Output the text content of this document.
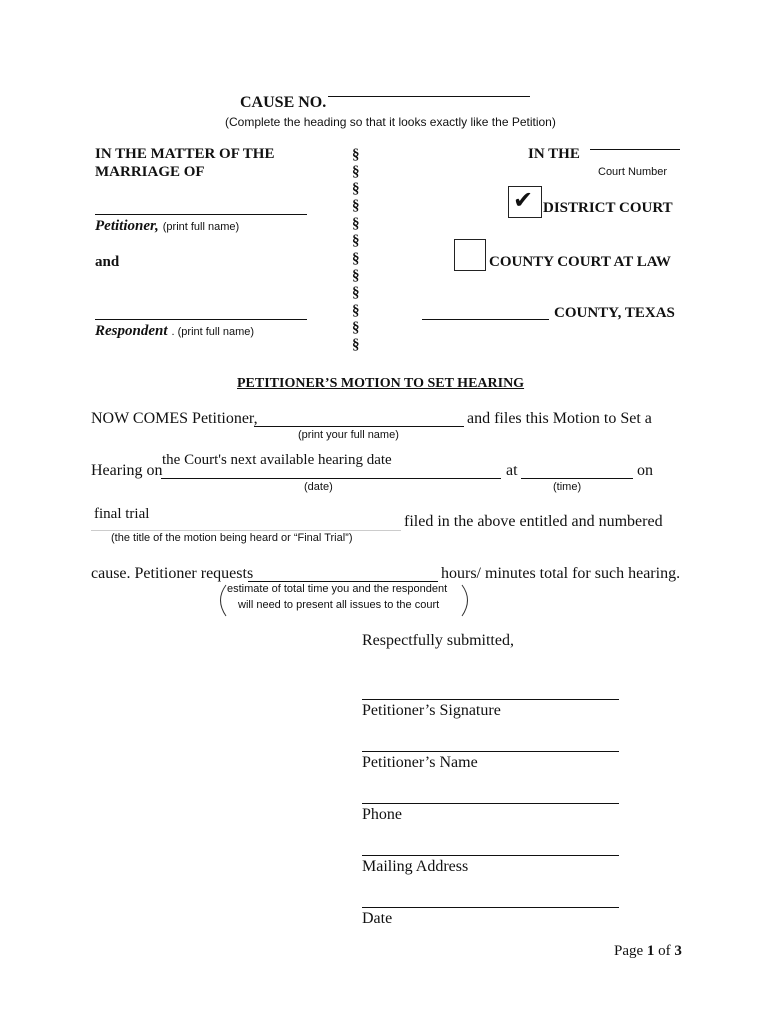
CAUSE NO.
(Complete the heading so that it looks exactly like the Petition)
IN THE MATTER OF THE
MARRIAGE OF
Petitioner, (print full name)
and
Respondent . (print full name)
§
§
§
§
§
§
§
§
§
§
§
§
IN THE
Court Number
✔ DISTRICT COURT
COUNTY COURT AT LAW
COUNTY, TEXAS
PETITIONER’S MOTION TO SET HEARING
NOW COMES Petitioner,	and files this Motion to Set a
(print your full name)
Hearing on
the Court's next available hearing date
at	on
(date)	(time)
final trial	filed in the above entitled and numbered
(the title of the motion being heard or “Final Trial”)
cause. Petitioner requests	hours/ minutes total for such hearing.
estimate of total time you and the respondent
will need to present all issues to the court
Respectfully submitted,
Petitioner’s Signature
Petitioner’s Name
Phone
Mailing Address
Date
Page 1 of 3
